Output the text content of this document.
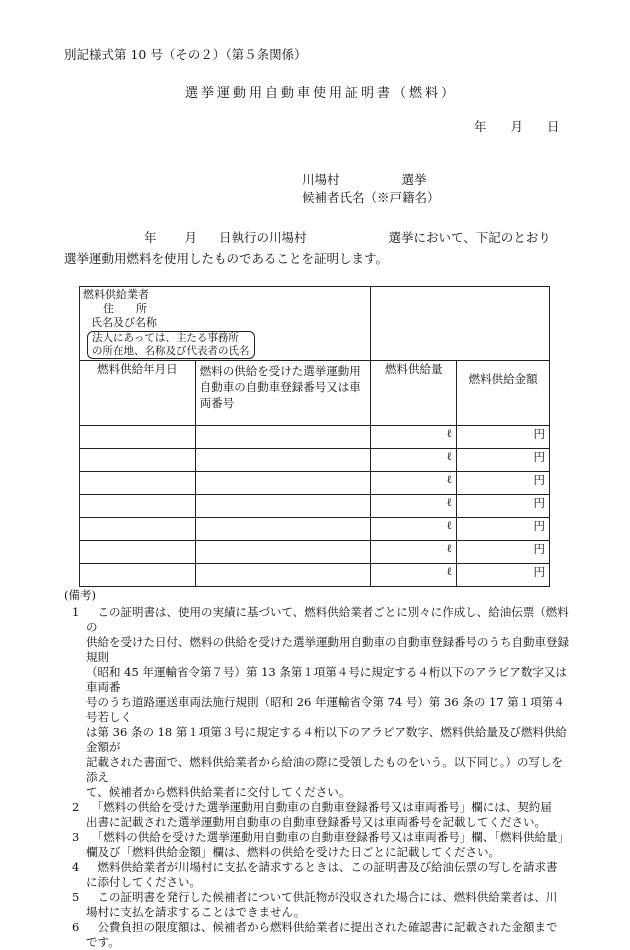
別記様式第 10 号（その２）（第５条関係）
選挙運動用自動車使用証明書（燃料）
年 月 日
川場村	選挙
候補者氏名（※戸籍名）
年 月 日執行の川場村	選挙において、下記のとおり
選挙運動用燃料を使用したものであることを証明します。
燃料供給業者
住　　所
氏名及び名称
法人にあっては、主たる事務所
の所在地、名称及び代表者の氏名			
燃料供給年月日	燃料の供給を受けた選挙運動用自動車の自動車登録番号又は車両番号	燃料供給量	燃料供給金額
		ℓ	円
		ℓ	円
		ℓ	円
		ℓ	円
		ℓ	円
		ℓ	円
		ℓ	円
(備考)
1	　この証明書は、使用の実績に基づいて、燃料供給業者ごとに別々に作成し、給油伝票（燃料の
供給を受けた日付、燃料の供給を受けた選挙運動用自動車の自動車登録番号のうち自動車登録規則
（昭和 45 年運輸省令第７号）第 13 条第１項第４号に規定する４桁以下のアラビア数字又は車両番
号のうち道路運送車両法施行規則（昭和 26 年運輸省令第 74 号）第 36 条の 17 第１項第４号若しく
は第 36 条の 18 第１項第３号に規定する４桁以下のアラビア数字、燃料供給量及び燃料供給金額が
記載された書面で、燃料供給業者から給油の際に受領したものをいう。以下同じ。）の写しを添え
て、候補者から燃料供給業者に交付してください。
2	　「燃料の供給を受けた選挙運動用自動車の自動車登録番号又は車両番号」欄には、契約届
出書に記載された選挙運動用自動車の自動車登録番号又は車両番号を記載してください。
3	　「燃料の供給を受けた選挙運動用自動車の自動車登録番号又は車両番号」欄、「燃料供給量」
欄及び「燃料供給金額」欄は、燃料の供給を受けた日ごとに記載してください。
4	　燃料供給業者が川場村に支払を請求するときは、この証明書及び給油伝票の写しを請求書
に添付してください。
5	　この証明書を発行した候補者について供託物が没収された場合には、燃料供給業者は、川
場村に支払を請求することはできません。
6	　公費負担の限度額は、候補者から燃料供給業者に提出された確認書に記載された金額まで
です。
